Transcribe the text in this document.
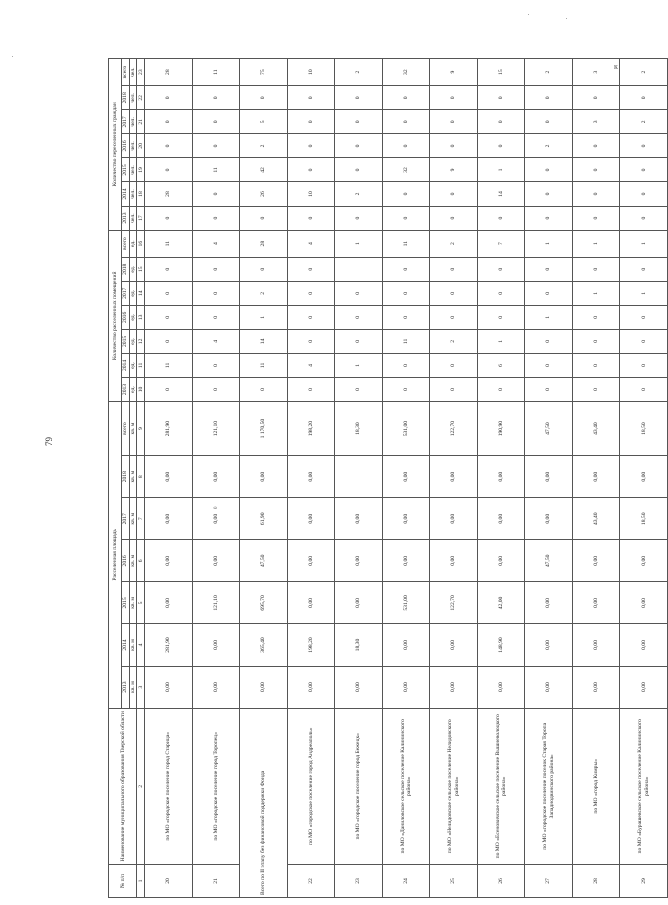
79
к
№ п/п	Наименование муниципального образования Тверской области	Расселенная площадь							Количество расселенных помещений							Количество переселенных граждан						
		2013	2014	2015	2016	2017	2018	всего	2013	2014	2015	2016	2017	2018	всего	2013	2014	2015	2016	2017	2018	всего
		кв. м	кв. м	кв. м	кв. м	кв. м	кв. м	кв. м	ед.	ед.	ед.	ед.	ед.	ед.	ед.	чел.	чел.	чел.	чел.	чел.	чел.	чел.
1	2	3	4	5	6	7	8	9	10	11	12	13	14	15	16	17	18	19	20	21	22	23
20	по МО «городское поселение город Старица»	0,00	281,90	0,00	0,00	0,00	0,00	281,90	0	11	0	0	0	0	11	0	28	0	0	0	0	28
21	по МО «городское поселение город Торопец»	0,00	0,00	121,10	0,00	0,00	0,00	121,10	0	0	4	0	0	0	4	0	0	11	0	0	0	11
Всего по II этапу без финансовой поддержки Фонда		0,00	365,40	695,70	47,50	61,90	0,00	1 170,50	0	11	14	1	2	0	28	0	26	42	2	5	0	75
22	по МО «городское поселение город Андреаполь»	0,00	198,20	0,00	0,00	0,00	0,00	198,20	0	4	0	0	0	0	4	0	10	0	0	0	0	10
23	по МО «городское поселение город Бежецк»	0,00	18,30	0,00	0,00	0,00		18,30	0	1	0	0	0		1	0	2	0	0	0	0	2
24	по МО «Даниловское сельское поселение Калининского района»	0,00	0,00	531,00	0,00	0,00	0,00	531,00	0	0	11	0	0	0	11	0	0	32	0	0	0	32
25	по МО «Нелидовское сельское поселение Нелидовского района»	0,00	0,00	122,70	0,00	0,00	0,00	122,70	0	0	2	0	0	0	2	0	0	9	0	0	0	9
26	по МО «Есеновичское сельское поселение Вышневолоцкого района»	0,00	148,90	42,00	0,00	0,00	0,00	190,90	0	6	1	0	0	0	7	0	14	1	0	0	0	15
27	по МО «городское поселение поселок Старая Торопа Западнодвинского района»	0,00	0,00	0,00	47,50	0,00	0,00	47,50	0	0	0	1	0	0	1	0	0	0	2	0	0	2
28	по МО «город Кимры»	0,00	0,00	0,00	0,00	43,40	0,00	43,40	0	0	0	0	1	0	1	0	0	0	0	3	0	3
29	по МО «Бурашевское сельское поселение Калининского района»	0,00	0,00	0,00	0,00	18,50	0,00	18,50	0	0	0	0	1	0	1	0	0	0	0	2	0	2
0
